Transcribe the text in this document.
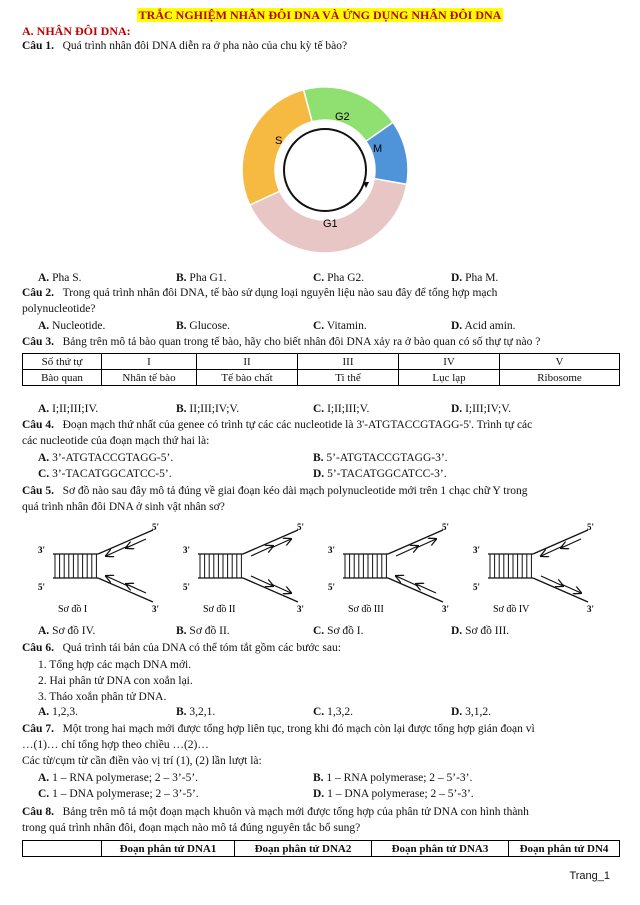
TRẮC NGHIỆM NHÂN ĐÔI DNA VÀ ỨNG DỤNG NHÂN ĐÔI DNA
A. NHÂN ĐÔI DNA:
Câu 1. Quá trình nhân đôi DNA diễn ra ở pha nào của chu kỳ tế bào?
G2
S
M
G1
A. Pha S.	B. Pha G1.	C. Pha G2.	D. Pha M.
Câu 2. Trong quá trình nhân đôi DNA, tế bào sử dụng loại nguyên liệu nào sau đây để tổng hợp mạch
polynucleotide?
A. Nucleotide.	B. Glucose.	C. Vitamin.	D. Acid amin.
Câu 3. Bảng trên mô tả bào quan trong tế bào, hãy cho biết nhân đôi DNA xảy ra ở bào quan có số thự tự nào ?
Số thứ tự	I	II	III	IV	V
Bào quan	Nhân tế bào	Tế bào chất	Ti thể	Lục lạp	Ribosome
A. I;II;III;IV.	B. II;III;IV;V.	C. I;II;III;V.	D. I;III;IV;V.
Câu 4. Đoạn mạch thứ nhất của genee có trình tự các các nucleotide là 3'-ATGTACCGTAGG-5'. Trình tự các
các nucleotide của đoạn mạch thứ hai là:
A. 3’-ATGTACCGTAGG-5’.	B. 5’-ATGTACCGTAGG-3’.
C. 3’-TACATGGCATCC-5’.	D. 5’-TACATGGCATCC-3’.
Câu 5. Sơ đồ nào sau đây mô tả đúng về giai đoạn kéo dài mạch polynucleotide mới trên 1 chạc chữ Y trong
quá trình nhân đôi DNA ở sinh vật nhân sơ?
3'
5'
5'
3'
Sơ đồ I
3'
5'
5'
3'
Sơ đồ II
3'
5'
5'
3'
Sơ đồ III
3'
5'
5'
3'
Sơ đồ IV
A. Sơ đồ IV.	B. Sơ đồ II.	C. Sơ đồ I.	D. Sơ đồ III.
Câu 6. Quá trình tái bản của DNA có thể tóm tắt gồm các bước sau:
1. Tổng hợp các mạch DNA mới.
2. Hai phân tử DNA con xoắn lại.
3. Tháo xoắn phân tử DNA.
A. 1,2,3.	B. 3,2,1.	C. 1,3,2.	D. 3,1,2.
Câu 7. Một trong hai mạch mới được tổng hợp liên tục, trong khi đó mạch còn lại được tổng hợp gián đoạn vì
…(1)… chỉ tổng hợp theo chiều …(2)…
Các từ/cụm từ cần điền vào vị trí (1), (2) lần lượt là:
A. 1 – RNA polymerase; 2 – 3’-5’.	B. 1 – RNA polymerase; 2 – 5’-3’.
C. 1 – DNA polymerase; 2 – 3’-5’.	D. 1 – DNA polymerase; 2 – 5’-3’.
Câu 8. Bảng trên mô tả một đoạn mạch khuôn và mạch mới được tổng hợp của phân tử DNA con hình thành
trong quá trình nhân đôi, đoạn mạch nào mô tả đúng nguyên tắc bổ sung?
	Đoạn phân tử DNA1	Đoạn phân tử DNA2	Đoạn phân tử DNA3	Đoạn phân tử DN4
Trang_1
